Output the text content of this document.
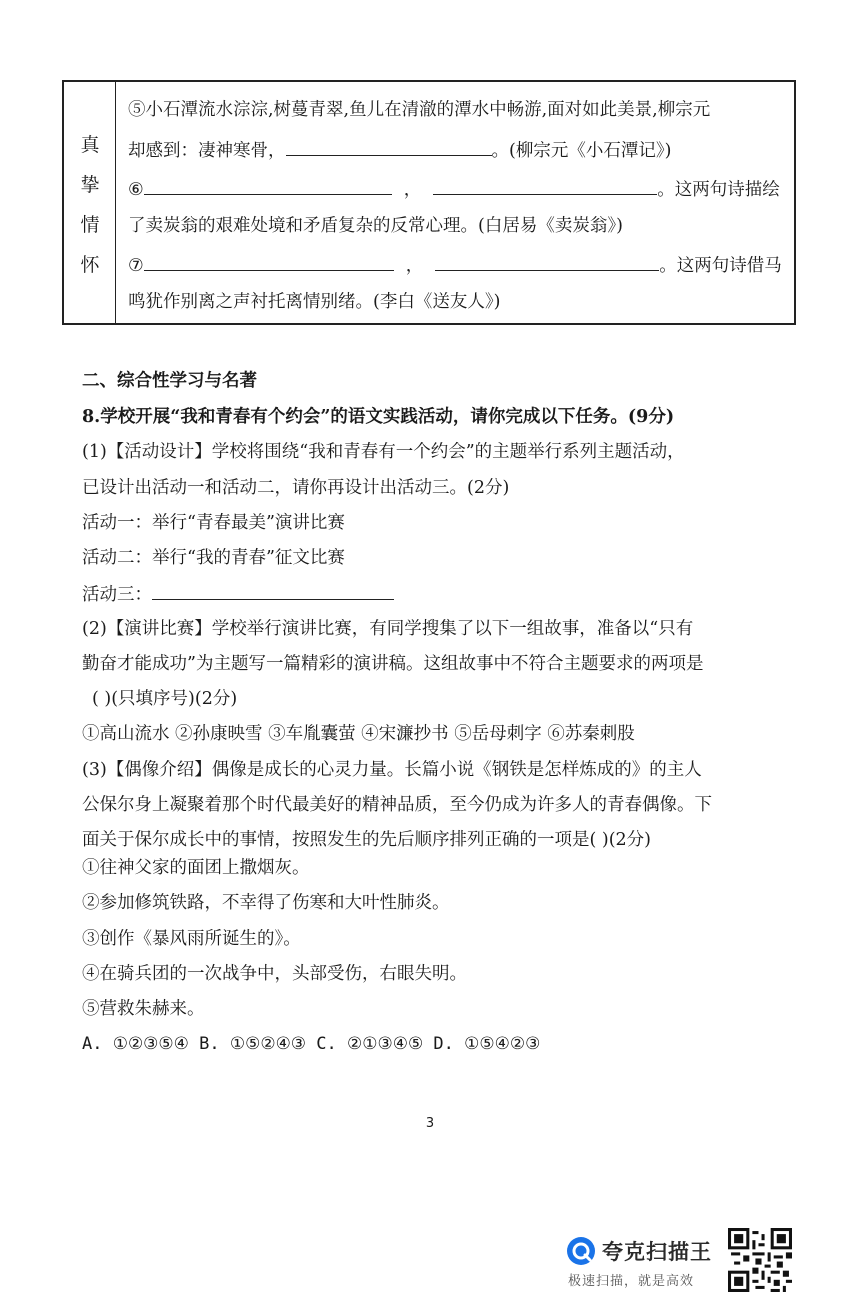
真
挚
情
怀
⑤小石潭流水淙淙,树蔓青翠,鱼儿在清澈的潭水中畅游,面对如此美景,柳宗元
却感到：凄神寒骨，	。(柳宗元《小石潭记》)
⑥	，	。这两句诗描绘
了卖炭翁的艰难处境和矛盾复杂的反常心理。(白居易《卖炭翁》)
⑦	，	。这两句诗借马
鸣犹作别离之声衬托离情别绪。(李白《送友人》)
二、综合性学习与名著
8.学校开展“我和青春有个约会”的语文实践活动，请你完成以下任务。(9分)
(1)【活动设计】学校将围绕“我和青春有一个约会”的主题举行系列主题活动，
已设计出活动一和活动二，请你再设计出活动三。(2分)
活动一：举行“青春最美”演讲比赛
活动二：举行“我的青春”征文比赛
活动三：
(2)【演讲比赛】学校举行演讲比赛，有同学搜集了以下一组故事，准备以“只有
勤奋才能成功”为主题写一篇精彩的演讲稿。这组故事中不符合主题要求的两项是
( )(只填序号)(2分)
①高山流水 ②孙康映雪 ③车胤囊萤 ④宋濂抄书 ⑤岳母刺字 ⑥苏秦刺股
(3)【偶像介绍】偶像是成长的心灵力量。长篇小说《钢铁是怎样炼成的》的主人
公保尔身上凝聚着那个时代最美好的精神品质，至今仍成为许多人的青春偶像。下
面关于保尔成长中的事情，按照发生的先后顺序排列正确的一项是( )(2分)
①往神父家的面团上撒烟灰。
②参加修筑铁路，不幸得了伤寒和大叶性肺炎。
③创作《暴风雨所诞生的》。
④在骑兵团的一次战争中，头部受伤，右眼失明。
⑤营救朱赫来。
A. ①②③⑤④ B. ①⑤②④③ C. ②①③④⑤ D. ①⑤④②③
3
夸克扫描王
极速扫描，就是高效
